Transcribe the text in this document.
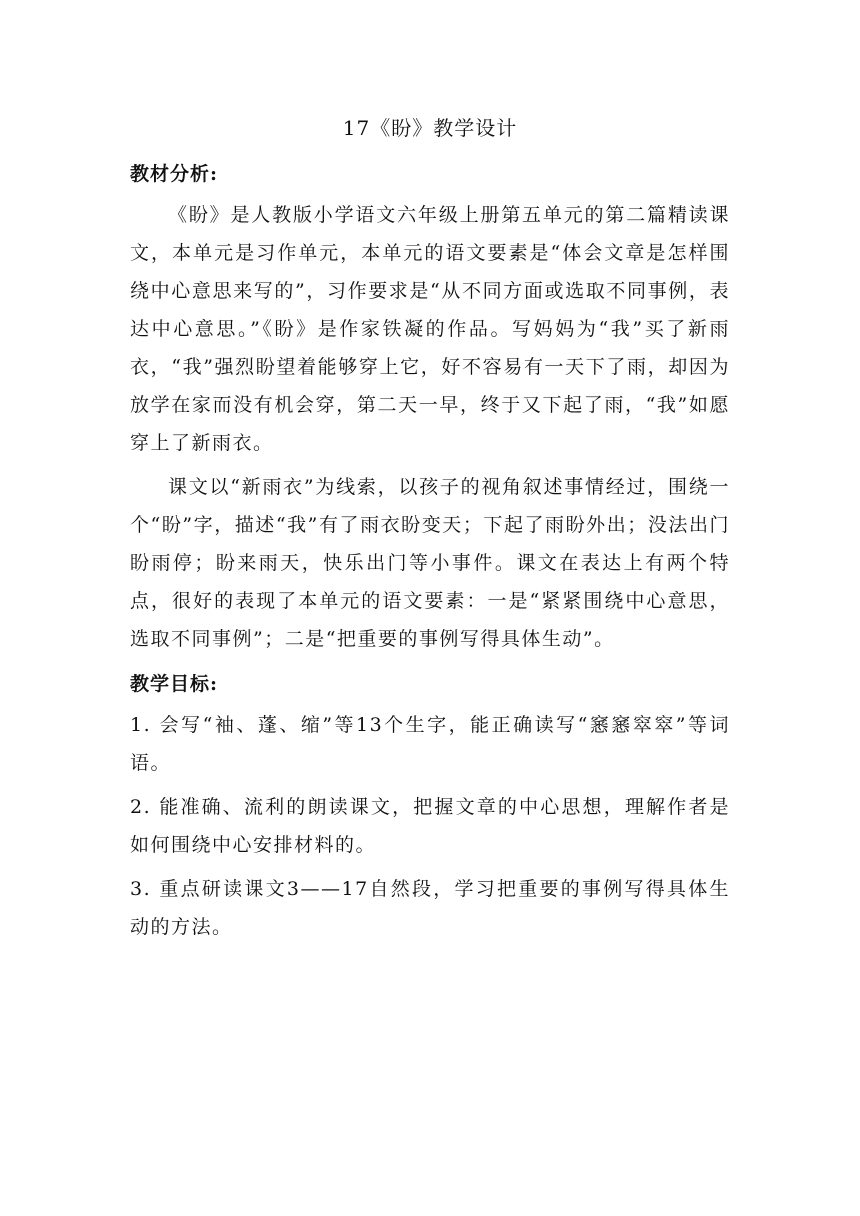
17《盼》教学设计
教材分析:

《盼》是人教版小学语文六年级上册第五单元的第二篇精读课文，本单元是习作单元，本单元的语文要素是“体会文章是怎样围绕中心意思来写的”，习作要求是“从不同方面或选取不同事例，表达中心意思。”《盼》是作家铁凝的作品。写妈妈为“我”买了新雨衣，“我”强烈盼望着能够穿上它，好不容易有一天下了雨，却因为放学在家而没有机会穿，第二天一早，终于又下起了雨，“我”如愿穿上了新雨衣。

课文以“新雨衣”为线索，以孩子的视角叙述事情经过，围绕一个“盼”字，描述“我”有了雨衣盼变天；下起了雨盼外出；没法出门盼雨停；盼来雨天，快乐出门等小事件。课文在表达上有两个特点，很好的表现了本单元的语文要素：一是“紧紧围绕中心意思，选取不同事例”；二是“把重要的事例写得具体生动”。

教学目标:

1. 会写“袖、蓬、缩”等13个生字，能正确读写“窸窸窣窣”等词语。

2. 能准确、流利的朗读课文，把握文章的中心思想，理解作者是如何围绕中心安排材料的。

3. 重点研读课文3——17自然段，学习把重要的事例写得具体生动的方法。
